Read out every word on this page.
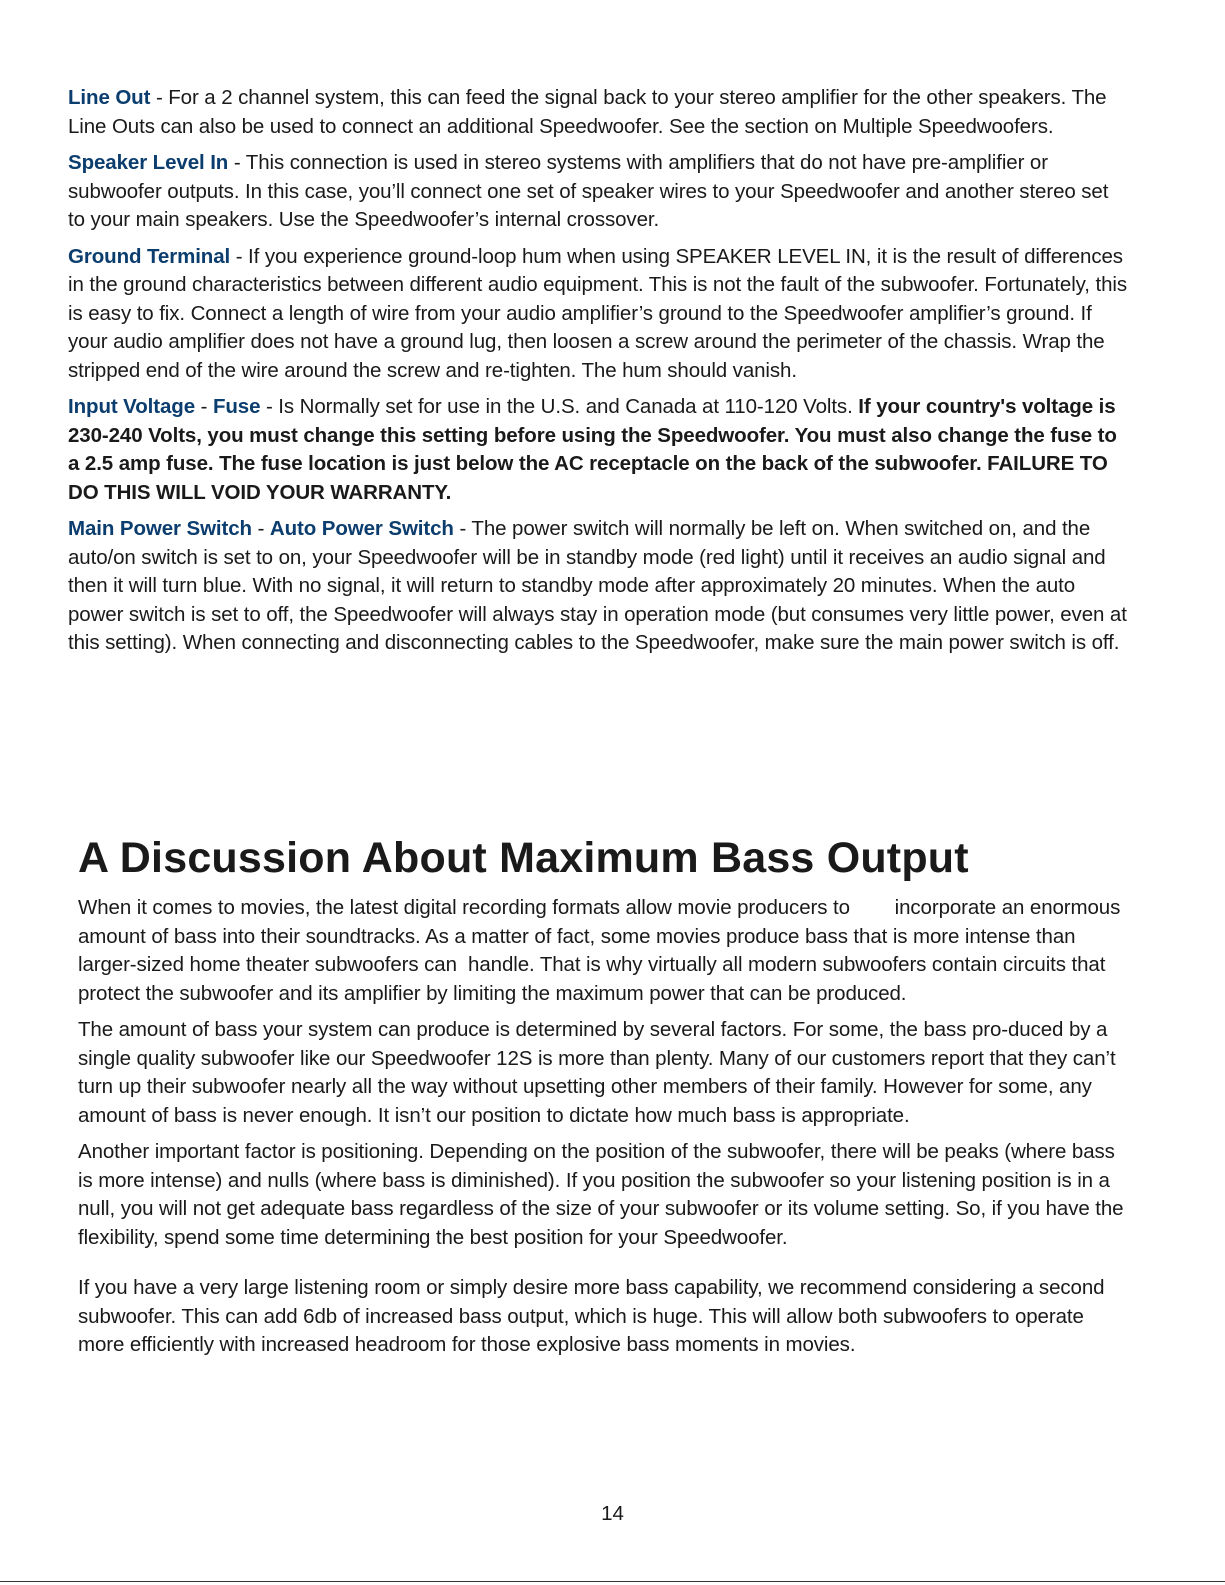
Line Out - For a 2 channel system, this can feed the signal back to your stereo amplifier for the other speakers. The Line Outs can also be used to connect an additional Speedwoofer. See the section on Multiple Speedwoofers.

Speaker Level In - This connection is used in stereo systems with amplifiers that do not have pre-amplifier or subwoofer outputs. In this case, you’ll connect one set of speaker wires to your Speedwoofer and another stereo set to your main speakers. Use the Speedwoofer’s internal crossover.

Ground Terminal - If you experience ground-loop hum when using SPEAKER LEVEL IN, it is the result of differences in the ground characteristics between different audio equipment. This is not the fault of the subwoofer. Fortunately, this is easy to fix. Connect a length of wire from your audio amplifier’s ground to the Speedwoofer amplifier’s ground. If your audio amplifier does not have a ground lug, then loosen a screw around the perimeter of the chassis. Wrap the stripped end of the wire around the screw and re-tighten. The hum should vanish.

Input Voltage - Fuse - Is Normally set for use in the U.S. and Canada at 110-120 Volts. If your country's voltage is 230-240 Volts, you must change this setting before using the Speedwoofer. You must also change the fuse to a 2.5 amp fuse. The fuse location is just below the AC receptacle on the back of the subwoofer. FAILURE TO DO THIS WILL VOID YOUR WARRANTY.

Main Power Switch - Auto Power Switch - The power switch will normally be left on. When switched on, and the auto/on switch is set to on, your Speedwoofer will be in standby mode (red light) until it receives an audio signal and then it will turn blue. With no signal, it will return to standby mode after approximately 20 minutes. When the auto power switch is set to off, the Speedwoofer will always stay in operation mode (but consumes very little power, even at this setting). When connecting and disconnecting cables to the Speedwoofer, make sure the main power switch is off.

A Discussion About Maximum Bass Output

When it comes to movies, the latest digital recording formats allow movie producers to        incorporate an enormous amount of bass into their soundtracks. As a matter of fact, some movies produce bass that is more intense than larger-sized home theater subwoofers can  handle. That is why virtually all modern subwoofers contain circuits that protect the subwoofer and its amplifier by limiting the maximum power that can be produced.

The amount of bass your system can produce is determined by several factors. For some, the bass pro-duced by a single quality subwoofer like our Speedwoofer 12S is more than plenty. Many of our customers report that they can’t turn up their subwoofer nearly all the way without upsetting other members of their family. However for some, any amount of bass is never enough. It isn’t our position to dictate how much bass is appropriate.

Another important factor is positioning. Depending on the position of the subwoofer, there will be peaks (where bass is more intense) and nulls (where bass is diminished). If you position the subwoofer so your listening position is in a null, you will not get adequate bass regardless of the size of your subwoofer or its volume setting. So, if you have the flexibility, spend some time determining the best position for your Speedwoofer.

If you have a very large listening room or simply desire more bass capability, we recommend considering a second subwoofer. This can add 6db of increased bass output, which is huge. This will allow both subwoofers to operate more efficiently with increased headroom for those explosive bass moments in movies.

14
